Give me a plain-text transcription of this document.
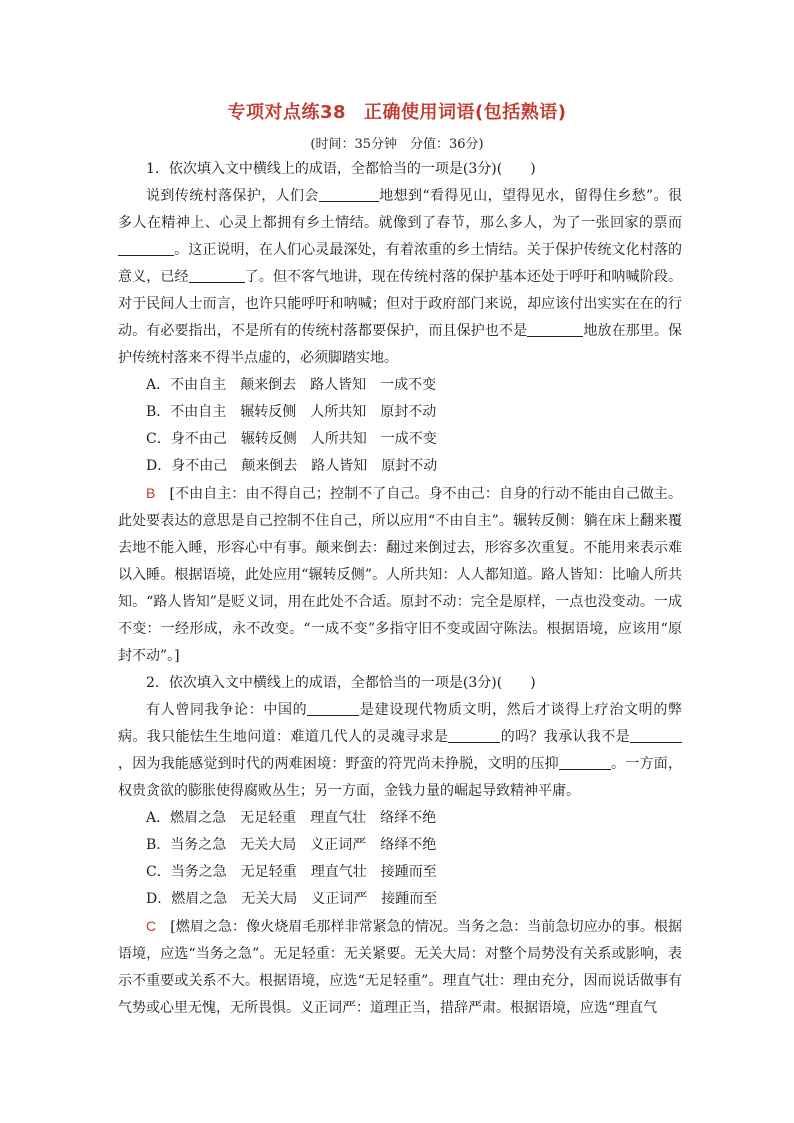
专项对点练38 正确使用词语(包括熟语)
(时间：35分钟　分值：36分)

1．依次填入文中横线上的成语，全都恰当的一项是(3分)(　　)

说到传统村落保护，人们会	地想到“看得见山，望得见水，留得住乡愁”。很多人在精神上、心灵上都拥有乡土情结。就像到了春节，那么多人，为了一张回家的票而。这正说明，在人们心灵最深处，有着浓重的乡土情结。关于保护传统文化村落的意义，已经	了。但不客气地讲，现在传统村落的保护基本还处于呼吁和呐喊阶段。对于民间人士而言，也许只能呼吁和呐喊；但对于政府部门来说，却应该付出实实在在的行动。有必要指出，不是所有的传统村落都要保护，而且保护也不是	地放在那里。保护传统村落来不得半点虚的，必须脚踏实地。

A．不由自主　颠来倒去　路人皆知　一成不变

B．不由自主　辗转反侧　人所共知　原封不动

C．身不由己　辗转反侧　人所共知　一成不变

D．身不由己　颠来倒去　路人皆知　原封不动

B　 [不由自主：由不得自己；控制不了自己。身不由己：自身的行动不能由自己做主。此处要表达的意思是自己控制不住自己，所以应用“不由自主”。辗转反侧：躺在床上翻来覆去地不能入睡，形容心中有事。颠来倒去：翻过来倒过去，形容多次重复。不能用来表示难以入睡。根据语境，此处应用“辗转反侧”。人所共知：人人都知道。路人皆知：比喻人所共知。“路人皆知”是贬义词，用在此处不合适。原封不动：完全是原样，一点也没变动。一成不变：一经形成，永不改变。“一成不变”多指守旧不变或固守陈法。根据语境，应该用“原封不动”。]

2．依次填入文中横线上的成语，全都恰当的一项是(3分)(　　)

有人曾同我争论：中国的	是建设现代物质文明，然后才谈得上疗治文明的弊病。我只能怯生生地问道：难道几代人的灵魂寻求是	的吗？我承认我不是，因为我能感觉到时代的两难困境：野蛮的符咒尚未挣脱，文明的压抑	。一方面，权贵贪欲的膨胀使得腐败丛生；另一方面，金钱力量的崛起导致精神平庸。

A．燃眉之急　无足轻重　理直气壮　络绎不绝

B．当务之急　无关大局　义正词严　络绎不绝

C．当务之急　无足轻重　理直气壮　接踵而至

D．燃眉之急　无关大局　义正词严　接踵而至

C　 [燃眉之急：像火烧眉毛那样非常紧急的情况。当务之急：当前急切应办的事。根据语境，应选“当务之急”。无足轻重：无关紧要。无关大局：对整个局势没有关系或影响，表示不重要或关系不大。根据语境，应选“无足轻重”。理直气壮：理由充分，因而说话做事有气势或心里无愧，无所畏惧。义正词严：道理正当，措辞严肃。根据语境，应选“理直气
